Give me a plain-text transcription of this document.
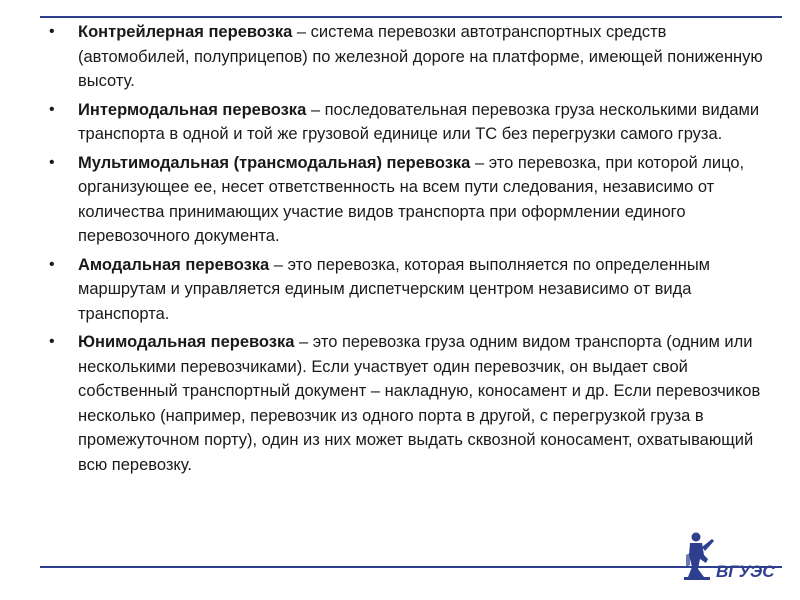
• Контрейлерная перевозка – система перевозки автотранспортных средств (автомобилей, полуприцепов) по железной дороге на платформе, имеющей пониженную высоту.
• Интермодальная перевозка – последовательная перевозка груза несколькими видами транспорта в одной и той же грузовой единице или ТС без перегрузки самого груза.
• Мультимодальная (трансмодальная) перевозка – это перевозка, при которой лицо, организующее ее, несет ответственность на всем пути следования, независимо от количества принимающих участие видов транспорта при оформлении единого перевозочного документа.
• Амодальная перевозка – это перевозка, которая выполняется по определенным маршрутам и управляется единым диспетчерским центром независимо от вида транспорта.
• Юнимодальная перевозка – это перевозка груза одним видом транспорта (одним или несколькими перевозчиками). Если участвует один перевозчик, он выдает свой собственный транспортный документ – накладную, коносамент и др. Если перевозчиков несколько (например, перевозчик из одного порта в другой, с перегрузкой груза в промежуточном порту), один из них может выдать сквозной коносамент, охватывающий всю перевозку.
ВГУЭС
